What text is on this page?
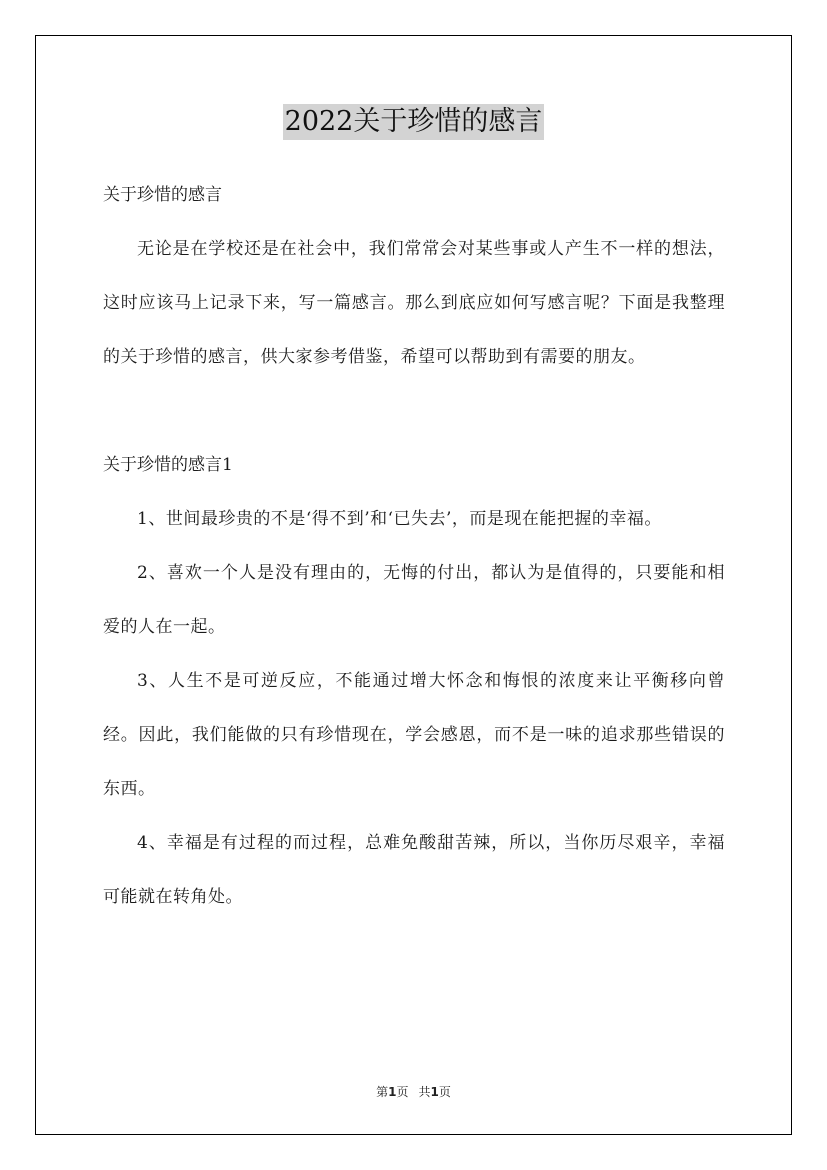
2022关于珍惜的感言

关于珍惜的感言

无论是在学校还是在社会中，我们常常会对某些事或人产生不一样的想法，这时应该马上记录下来，写一篇感言。那么到底应如何写感言呢？下面是我整理的关于珍惜的感言，供大家参考借鉴，希望可以帮助到有需要的朋友。

关于珍惜的感言1

1、世间最珍贵的不是‘得不到’和‘已失去’，而是现在能把握的幸福。

2、喜欢一个人是没有理由的，无悔的付出，都认为是值得的，只要能和相爱的人在一起。

3、人生不是可逆反应，不能通过增大怀念和悔恨的浓度来让平衡移向曾经。因此，我们能做的只有珍惜现在，学会感恩，而不是一味的追求那些错误的东西。

4、幸福是有过程的而过程，总难免酸甜苦辣，所以，当你历尽艰辛，幸福可能就在转角处。

第1页 共1页
